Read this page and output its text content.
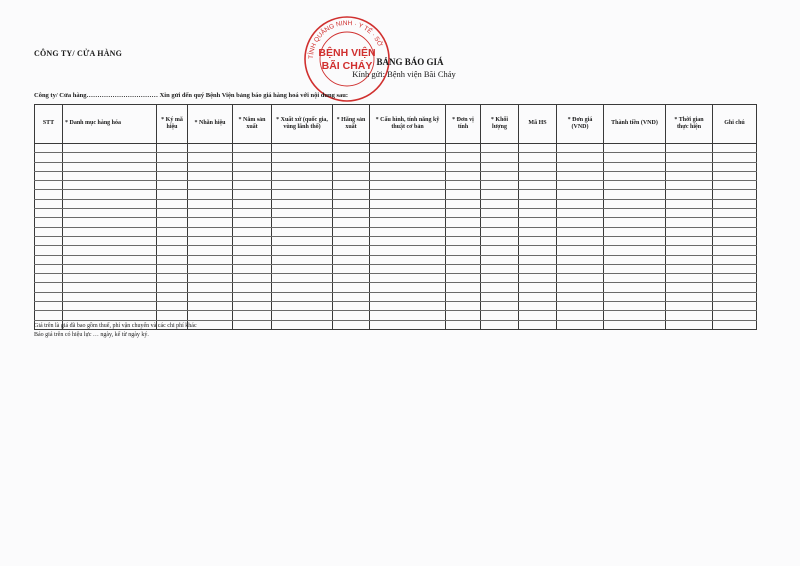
CÔNG TY/ CỬA HÀNG	TỈNH QUẢNG NINH · Y TẾ · SỞ
BỆNH VIỆN
BÃI CHÁY BẢNG BÁO GIÁ
Kính gửi: Bệnh viện Bãi Cháy
Công ty/ Cửa hàng…………………………… Xin gửi đến quý Bệnh Viện bảng báo giá hàng hoá với nội dung sau:
STT	* Danh mục hàng hóa	* Ký mã hiệu	* Nhãn hiệu	* Năm sản xuất	* Xuất xứ (quốc gia, vùng lãnh thổ)	* Hãng sản xuất	* Cấu hình, tính năng kỹ thuật cơ bản	* Đơn vị tính	* Khối lượng	Mã HS	* Đơn giá (VND)	Thành tiền (VND)	* Thời gian thực hiện	Ghi chú

Giá trên là giá đã bao gồm thuế, phí vận chuyển và các chi phí khác
Báo giá trên có hiệu lực … ngày, kể từ ngày ký.
